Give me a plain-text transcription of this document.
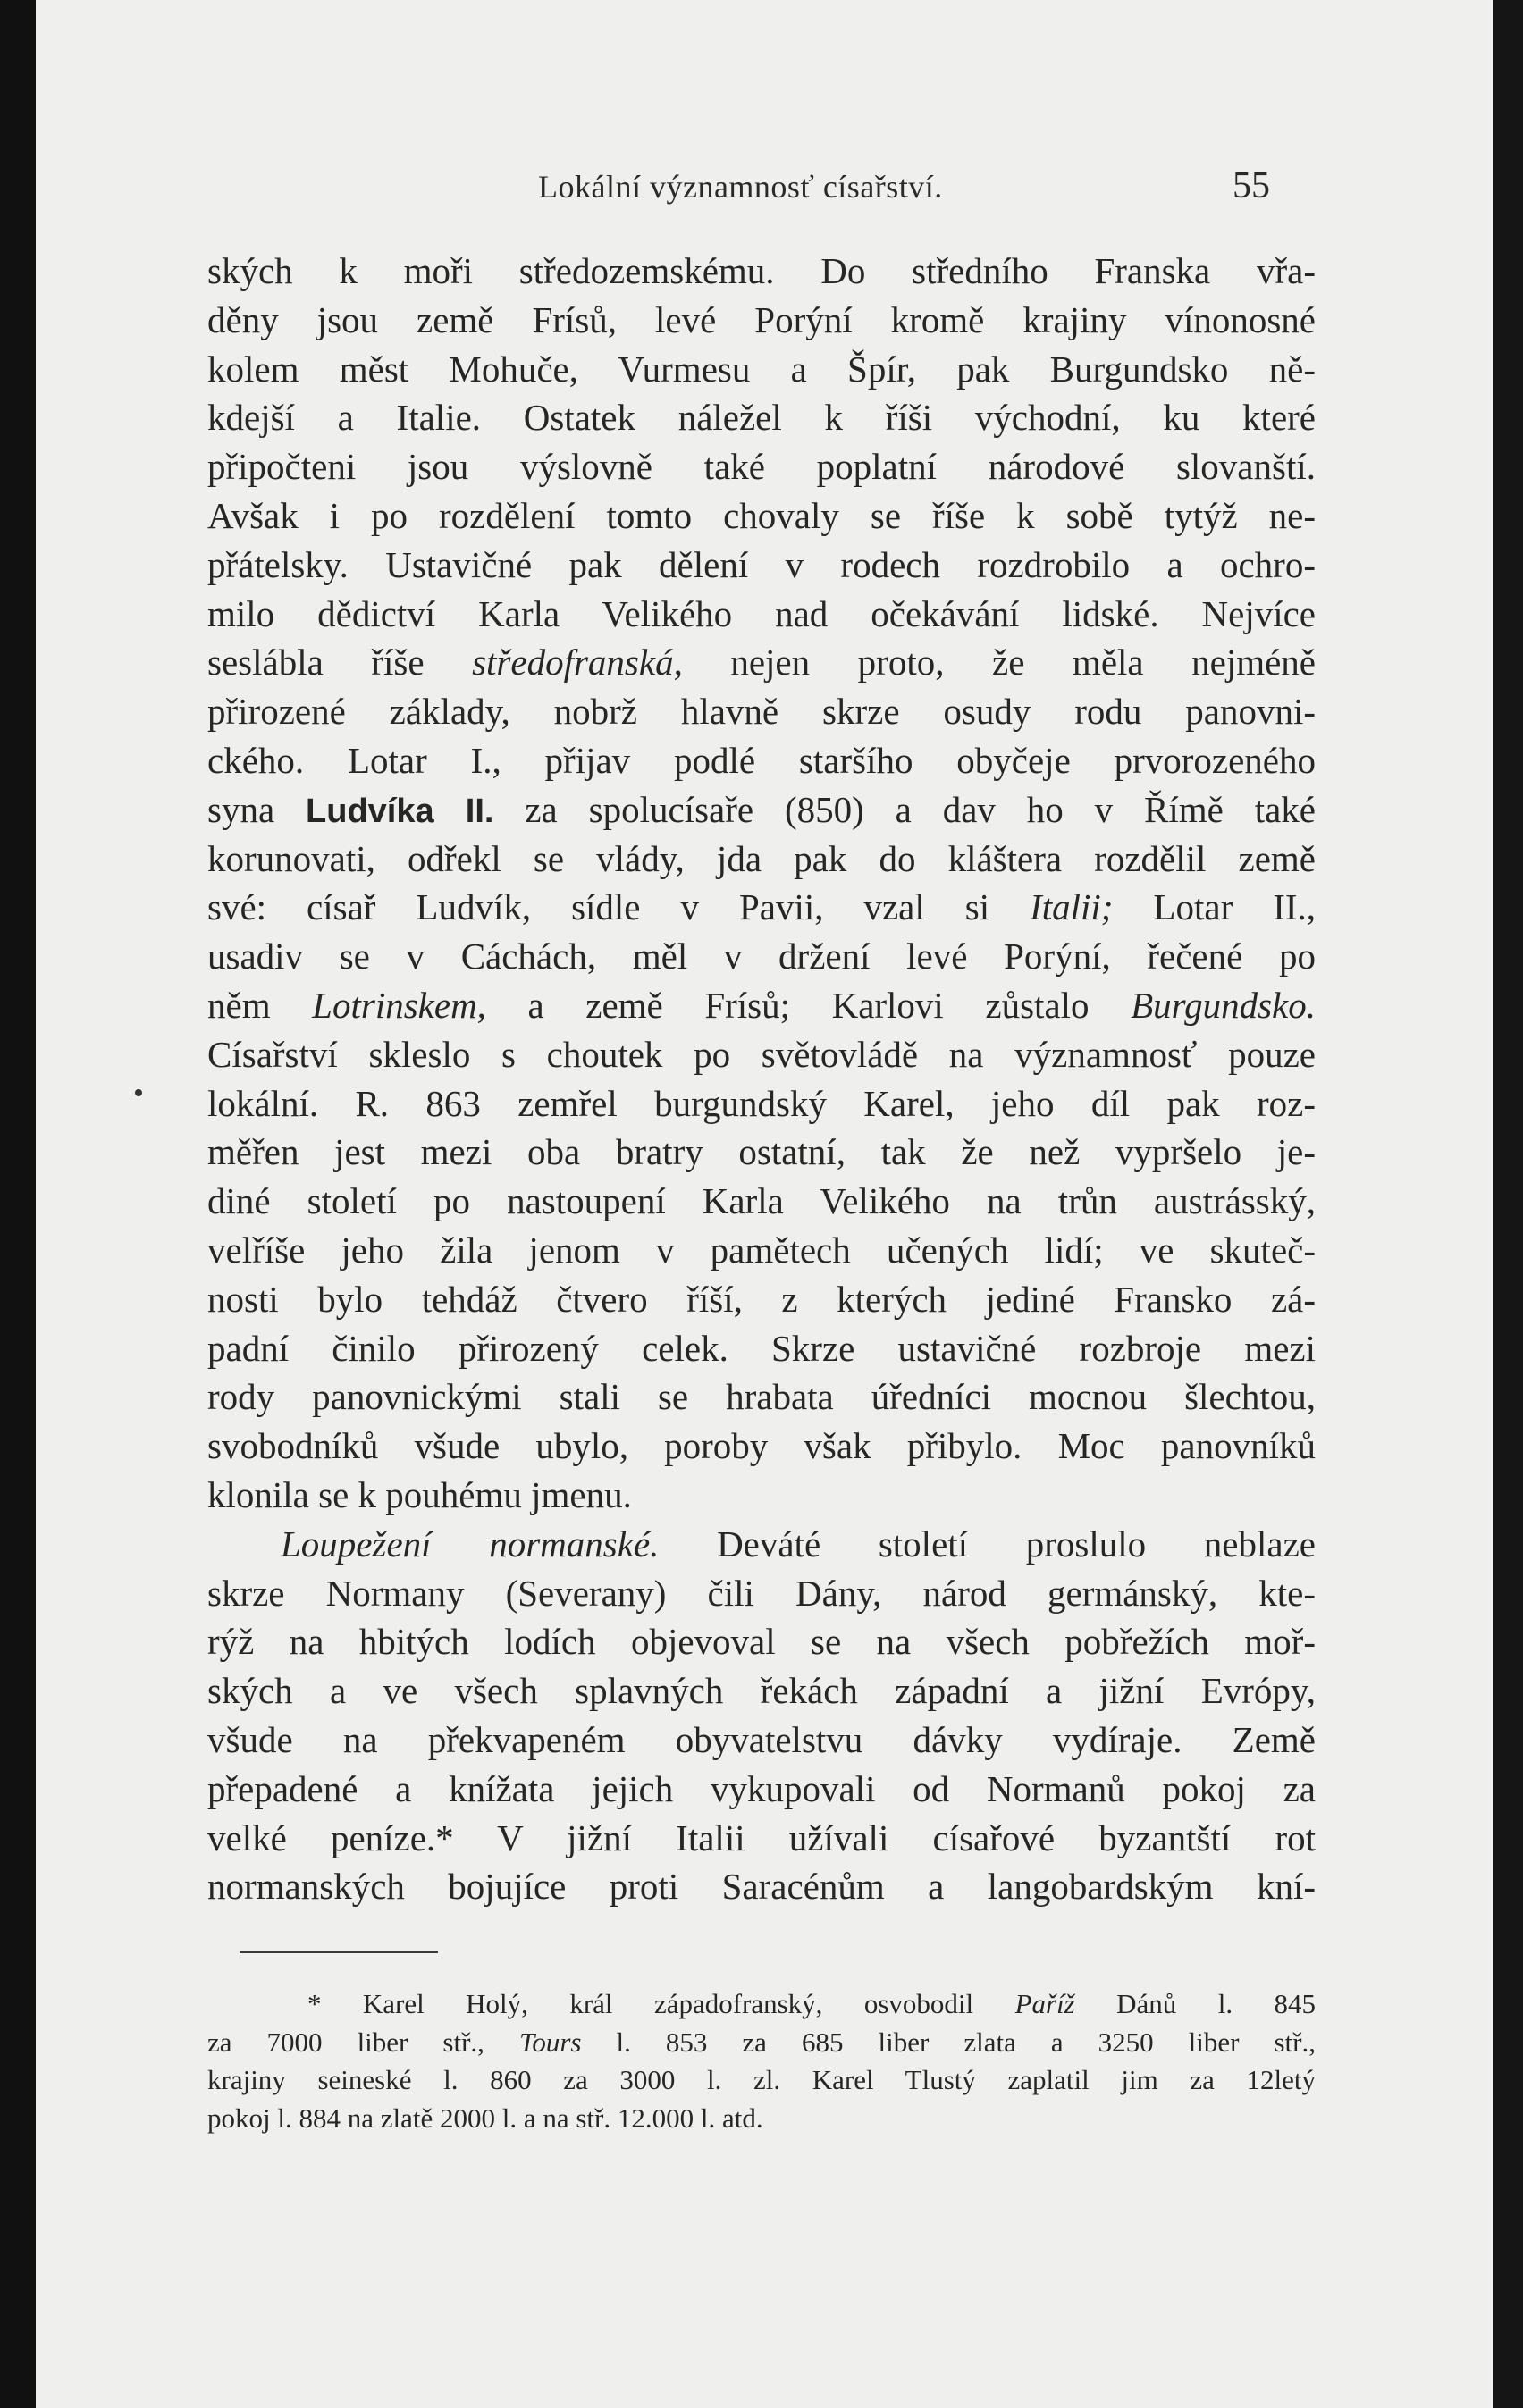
Lokální významnosť císařství.	55
ských k moři středozemskému. Do středního Franska vřa-
děny jsou země Frísů, levé Porýní kromě krajiny vínonosné
kolem měst Mohuče, Vurmesu a Špír, pak Burgundsko ně-
kdejší a Italie. Ostatek náležel k říši východní, ku které
připočteni jsou výslovně také poplatní národové slovanští.
Avšak i po rozdělení tomto chovaly se říše k sobě tytýž ne-
přátelsky. Ustavičné pak dělení v rodech rozdrobilo a ochro-
milo dědictví Karla Velikého nad očekávání lidské. Nejvíce
seslábla říše středofranská, nejen proto, že měla nejméně
přirozené základy, nobrž hlavně skrze osudy rodu panovni-
ckého. Lotar I., přijav podlé staršího obyčeje prvorozeného
syna Ludvíka II. za spolucísaře (850) a dav ho v Římě také
korunovati, odřekl se vlády, jda pak do kláštera rozdělil země
své: císař Ludvík, sídle v Pavii, vzal si Italii; Lotar II.,
usadiv se v Cáchách, měl v držení levé Porýní, řečené po
něm Lotrinskem, a země Frísů; Karlovi zůstalo Burgundsko.
Císařství skleslo s choutek po světovládě na významnosť pouze
lokální. R. 863 zemřel burgundský Karel, jeho díl pak roz-
měřen jest mezi oba bratry ostatní, tak že než vypršelo je-
diné století po nastoupení Karla Velikého na trůn austrásský,
velříše jeho žila jenom v pamětech učených lidí; ve skuteč-
nosti bylo tehdáž čtvero říší, z kterých jediné Fransko zá-
padní činilo přirozený celek. Skrze ustavičné rozbroje mezi
rody panovnickými stali se hrabata úředníci mocnou šlechtou,
svobodníků všude ubylo, poroby však přibylo. Moc panovníků
klonila se k pouhému jmenu.
Loupežení normanské. Deváté století proslulo neblaze
skrze Normany (Severany) čili Dány, národ germánský, kte-
rýž na hbitých lodích objevoval se na všech pobřežích moř-
ských a ve všech splavných řekách západní a jižní Evrópy,
všude na překvapeném obyvatelstvu dávky vydíraje. Země
přepadené a knížata jejich vykupovali od Normanů pokoj za
velké peníze.* V jižní Italii užívali císařové byzantští rot
normanských bojujíce proti Saracénům a langobardským kní-
* Karel Holý, král západofranský, osvobodil Paříž Dánů l. 845
za 7000 liber stř., Tours l. 853 za 685 liber zlata a 3250 liber stř.,
krajiny seineské l. 860 za 3000 l. zl. Karel Tlustý zaplatil jim za 12letý
pokoj l. 884 na zlatě 2000 l. a na stř. 12.000 l. atd.
